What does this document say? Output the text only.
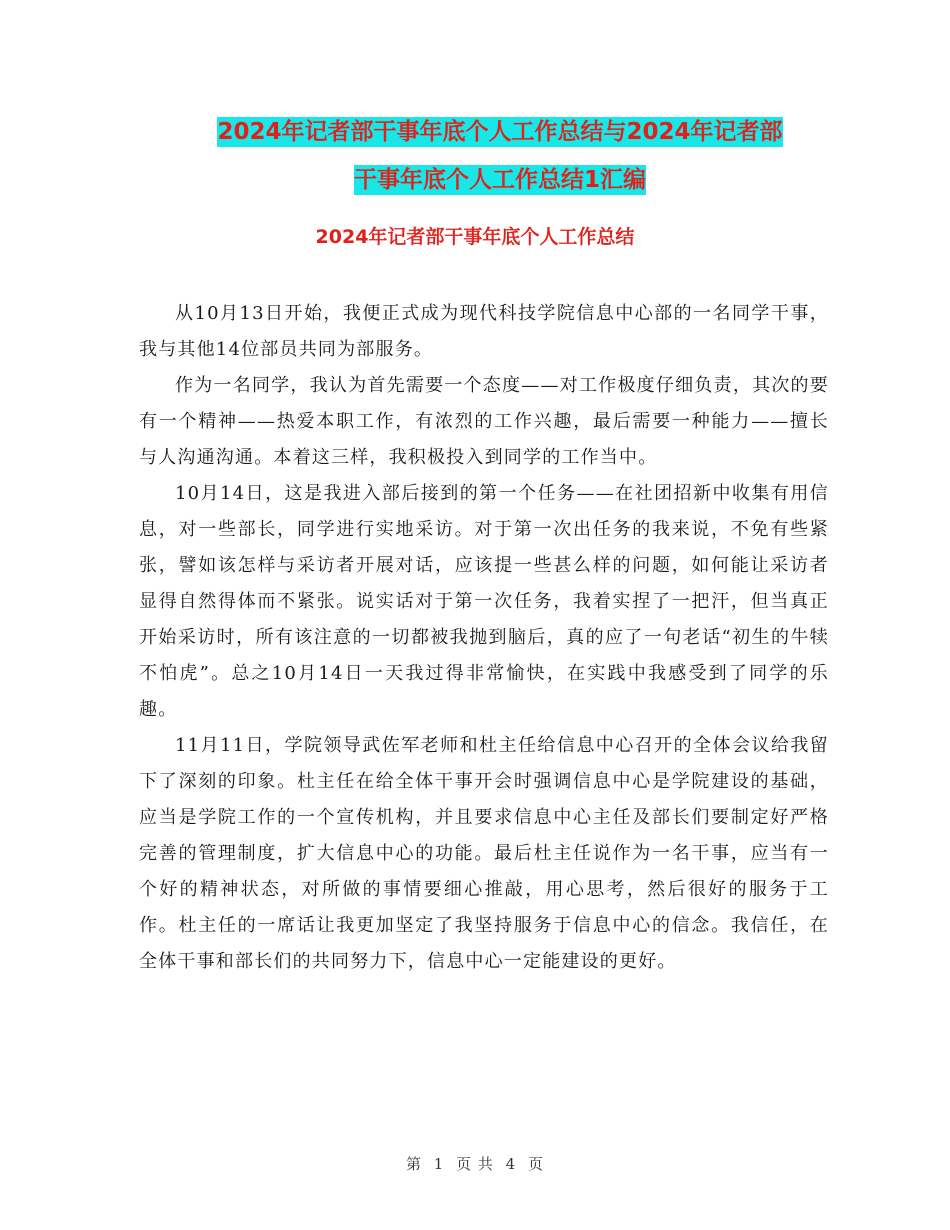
2024年记者部干事年底个人工作总结与2024年记者部
干事年底个人工作总结1汇编
2024年记者部干事年底个人工作总结

从10月13日开始，我便正式成为现代科技学院信息中心部的一名同学干事，我与其他14位部员共同为部服务。

作为一名同学，我认为首先需要一个态度——对工作极度仔细负责，其次的要有一个精神——热爱本职工作，有浓烈的工作兴趣，最后需要一种能力——擅长与人沟通沟通。本着这三样，我积极投入到同学的工作当中。

10月14日，这是我进入部后接到的第一个任务——在社团招新中收集有用信息，对一些部长，同学进行实地采访。对于第一次出任务的我来说，不免有些紧张，譬如该怎样与采访者开展对话，应该提一些甚么样的问题，如何能让采访者显得自然得体而不紧张。说实话对于第一次任务，我着实捏了一把汗，但当真正开始采访时，所有该注意的一切都被我抛到脑后，真的应了一句老话“初生的牛犊不怕虎”。总之10月14日一天我过得非常愉快，在实践中我感受到了同学的乐趣。

11月11日，学院领导武佐军老师和杜主任给信息中心召开的全体会议给我留下了深刻的印象。杜主任在给全体干事开会时强调信息中心是学院建设的基础，应当是学院工作的一个宣传机构，并且要求信息中心主任及部长们要制定好严格完善的管理制度，扩大信息中心的功能。最后杜主任说作为一名干事，应当有一个好的精神状态，对所做的事情要细心推敲，用心思考，然后很好的服务于工作。杜主任的一席话让我更加坚定了我坚持服务于信息中心的信念。我信任，在全体干事和部长们的共同努力下，信息中心一定能建设的更好。

第 1 页 共 4 页
